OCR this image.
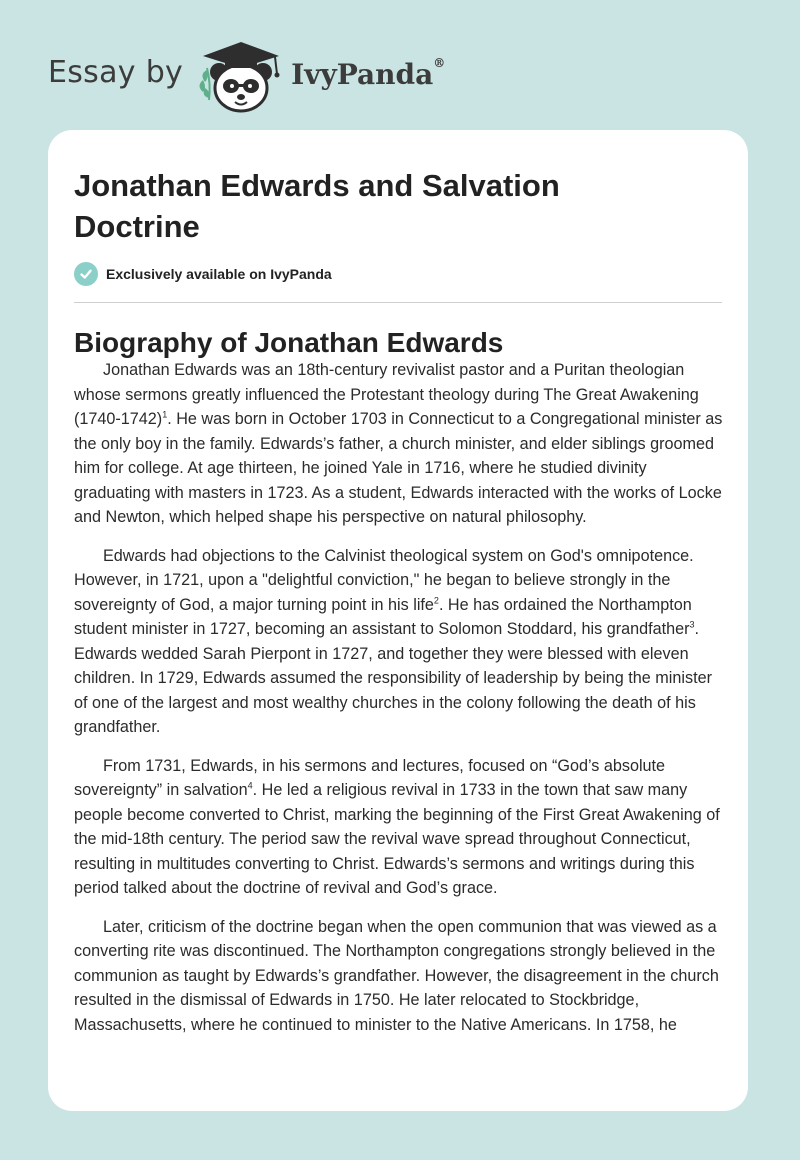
Essay by	IvyPanda®
Jonathan Edwards and Salvation Doctrine
Exclusively available on IvyPanda
Biography of Jonathan Edwards

Jonathan Edwards was an 18th-century revivalist pastor and a Puritan theologian whose sermons greatly influenced the Protestant theology during The Great Awakening (1740-1742)$^1$. He was born in October 1703 in Connecticut to a Congregational minister as the only boy in the family. Edwards’s father, a church minister, and elder siblings groomed him for college. At age thirteen, he joined Yale in 1716, where he studied divinity graduating with masters in 1723. As a student, Edwards interacted with the works of Locke and Newton, which helped shape his perspective on natural philosophy.

Edwards had objections to the Calvinist theological system on God's omnipotence. However, in 1721, upon a "delightful conviction," he began to believe strongly in the sovereignty of God, a major turning point in his life$^2$. He has ordained the Northampton student minister in 1727, becoming an assistant to Solomon Stoddard, his grandfather$^3$. Edwards wedded Sarah Pierpont in 1727, and together they were blessed with eleven children. In 1729, Edwards assumed the responsibility of leadership by being the minister of one of the largest and most wealthy churches in the colony following the death of his grandfather.

From 1731, Edwards, in his sermons and lectures, focused on “God’s absolute sovereignty” in salvation$^4$. He led a religious revival in 1733 in the town that saw many people become converted to Christ, marking the beginning of the First Great Awakening of the mid-18th century. The period saw the revival wave spread throughout Connecticut, resulting in multitudes converting to Christ. Edwards’s sermons and writings during this period talked about the doctrine of revival and God’s grace.

Later, criticism of the doctrine began when the open communion that was viewed as a converting rite was discontinued. The Northampton congregations strongly believed in the communion as taught by Edwards’s grandfather. However, the disagreement in the church resulted in the dismissal of Edwards in 1750. He later relocated to Stockbridge, Massachusetts, where he continued to minister to the Native Americans. In 1758, he
